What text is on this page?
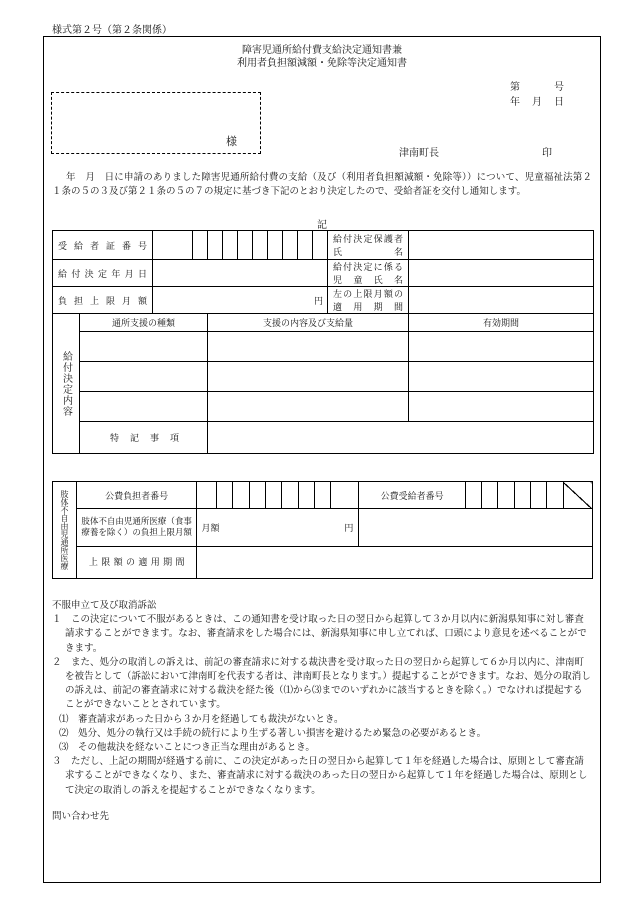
様式第２号（第２条関係）
障害児通所給付費支給決定通知書兼
利用者負担額減額・免除等決定通知書
第　　　号
年　月　日
様
津南町長	印
年　月　日に申請のありました障害児通所給付費の支給（及び（利用者負担額減額・免除等））について、児童福祉法第２１条の５の３及び第２１条の５の７の規定に基づき下記のとおり決定したので、受給者証を交付し通知します。
記
受給者証番号												給付決定保護者氏名	
給付決定年月日												給付決定に係る児童氏名	
負担上限月額		円										左の上限月額の適用期間	

給付決定内容	通所支援の種類			支援の内容及び支給量									有効期間

	特　記　事　項												
肢体不自由児通所医療	公費負担者番号										公費受給者番号							
	肢体不自由児通所医療（食事療養を除く）の負担上限月額	月額 円																

	上限額の適用期間																	

不服申立て及び取消訴訟

１　この決定について不服があるときは、この通知書を受け取った日の翌日から起算して３か月以内に新潟県知事に対し審査請求することができます。なお、審査請求をした場合には、新潟県知事に申し立てれば、口頭により意見を述べることができます。

２　また、処分の取消しの訴えは、前記の審査請求に対する裁決書を受け取った日の翌日から起算して６か月以内に、津南町を被告として（訴訟において津南町を代表する者は、津南町長となります。）提起することができます。なお、処分の取消しの訴えは、前記の審査請求に対する裁決を経た後（⑴から⑶までのいずれかに該当するときを除く。）でなければ提起することができないこととされています。

⑴　審査請求があった日から３か月を経過しても裁決がないとき。

⑵　処分、処分の執行又は手続の続行により生ずる著しい損害を避けるため緊急の必要があるとき。

⑶　その他裁決を経ないことにつき正当な理由があるとき。

３　ただし、上記の期間が経過する前に、この決定があった日の翌日から起算して１年を経過した場合は、原則として審査請求することができなくなり、また、審査請求に対する裁決のあった日の翌日から起算して１年を経過した場合は、原則として決定の取消しの訴えを提起することができなくなります。

問い合わせ先
